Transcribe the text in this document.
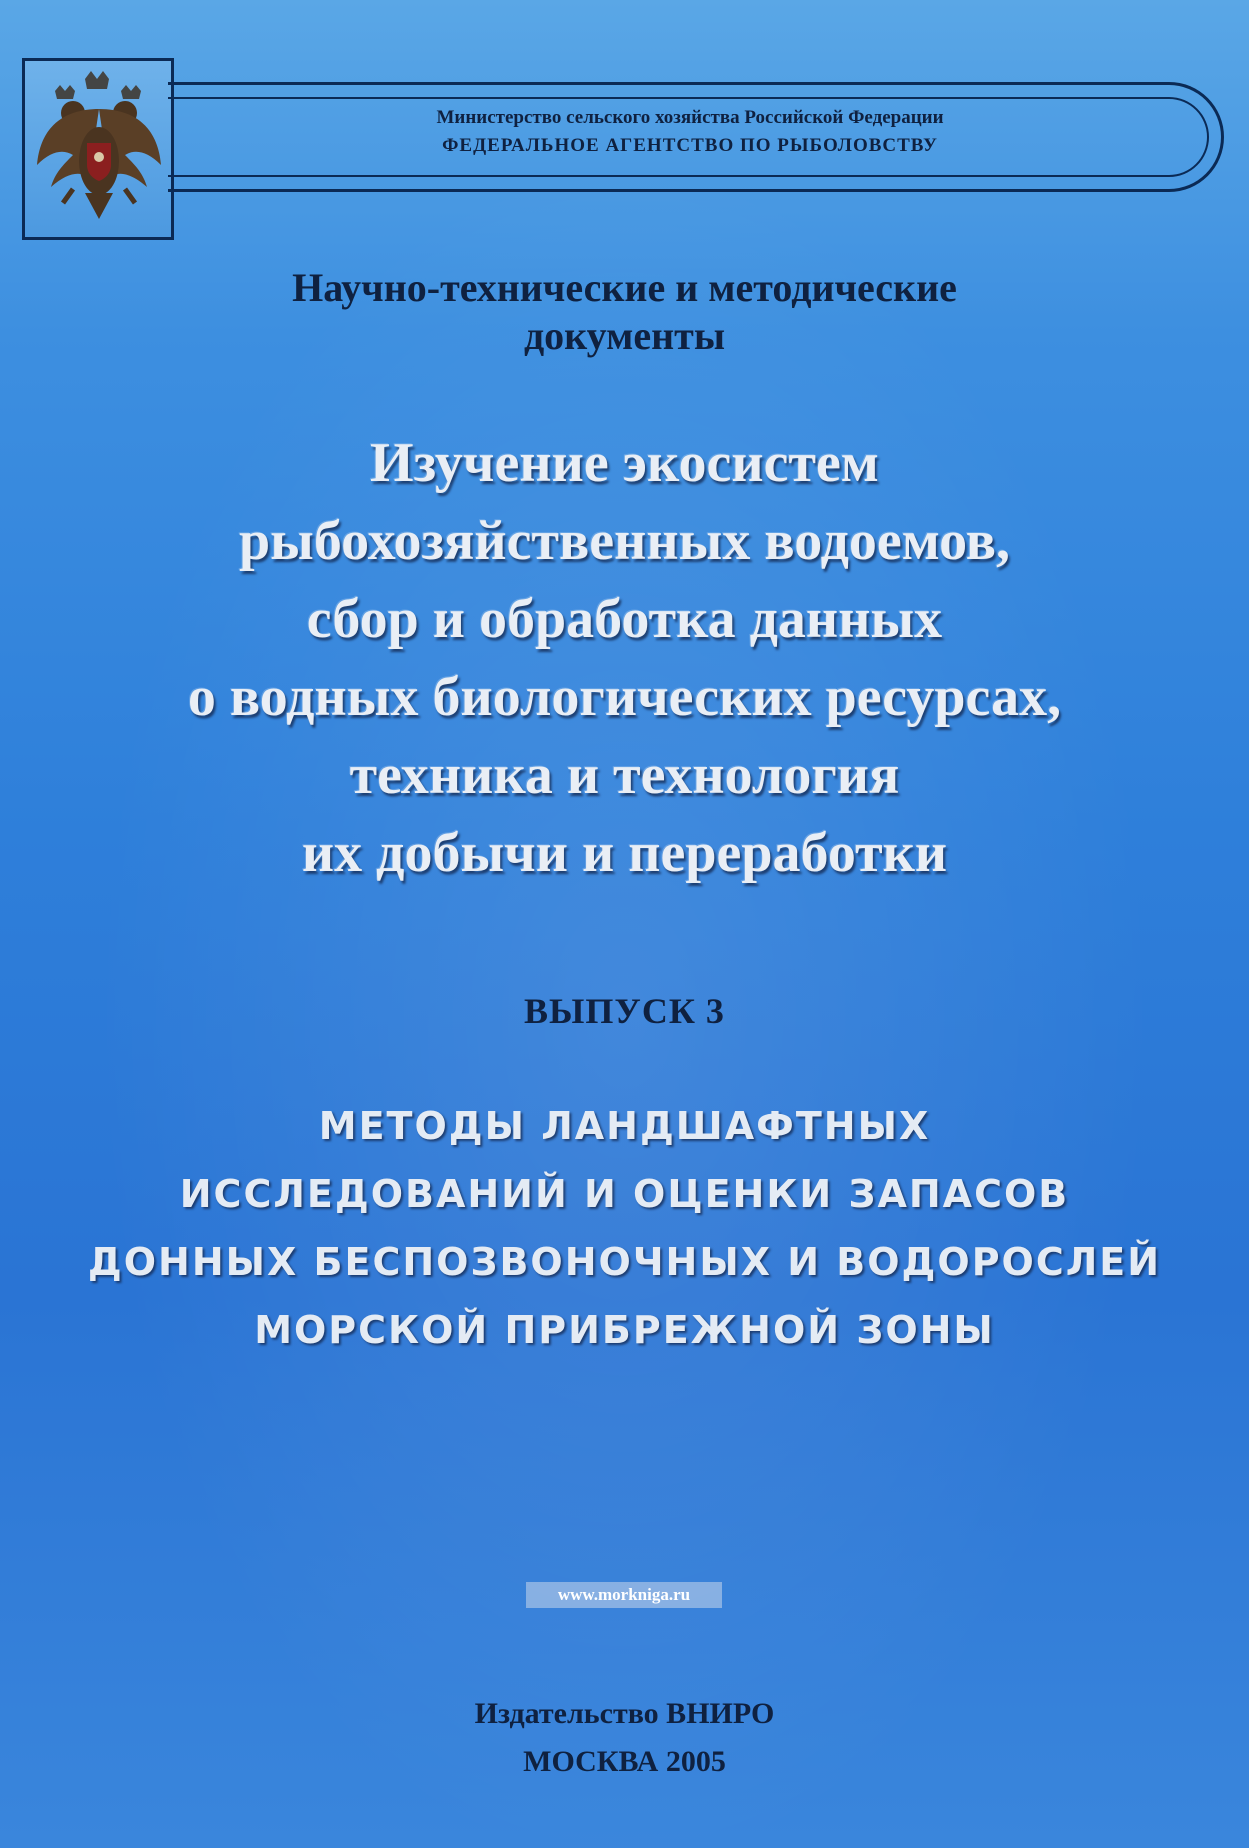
Министерство сельского хозяйства Российской Федерации
ФЕДЕРАЛЬНОЕ АГЕНТСТВО ПО РЫБОЛОВСТВУ
Научно-технические и методические
документы
Изучение экосистем
рыбохозяйственных водоемов,
сбор и обработка данных
о водных биологических ресурсах,
техника и технология
их добычи и переработки
ВЫПУСК 3
МЕТОДЫ ЛАНДШАФТНЫХ
ИССЛЕДОВАНИЙ И ОЦЕНКИ ЗАПАСОВ
ДОННЫХ БЕСПОЗВОНОЧНЫХ И ВОДОРОСЛЕЙ
МОРСКОЙ ПРИБРЕЖНОЙ ЗОНЫ
www.morkniga.ru
Издательство ВНИРО
МОСКВА 2005
